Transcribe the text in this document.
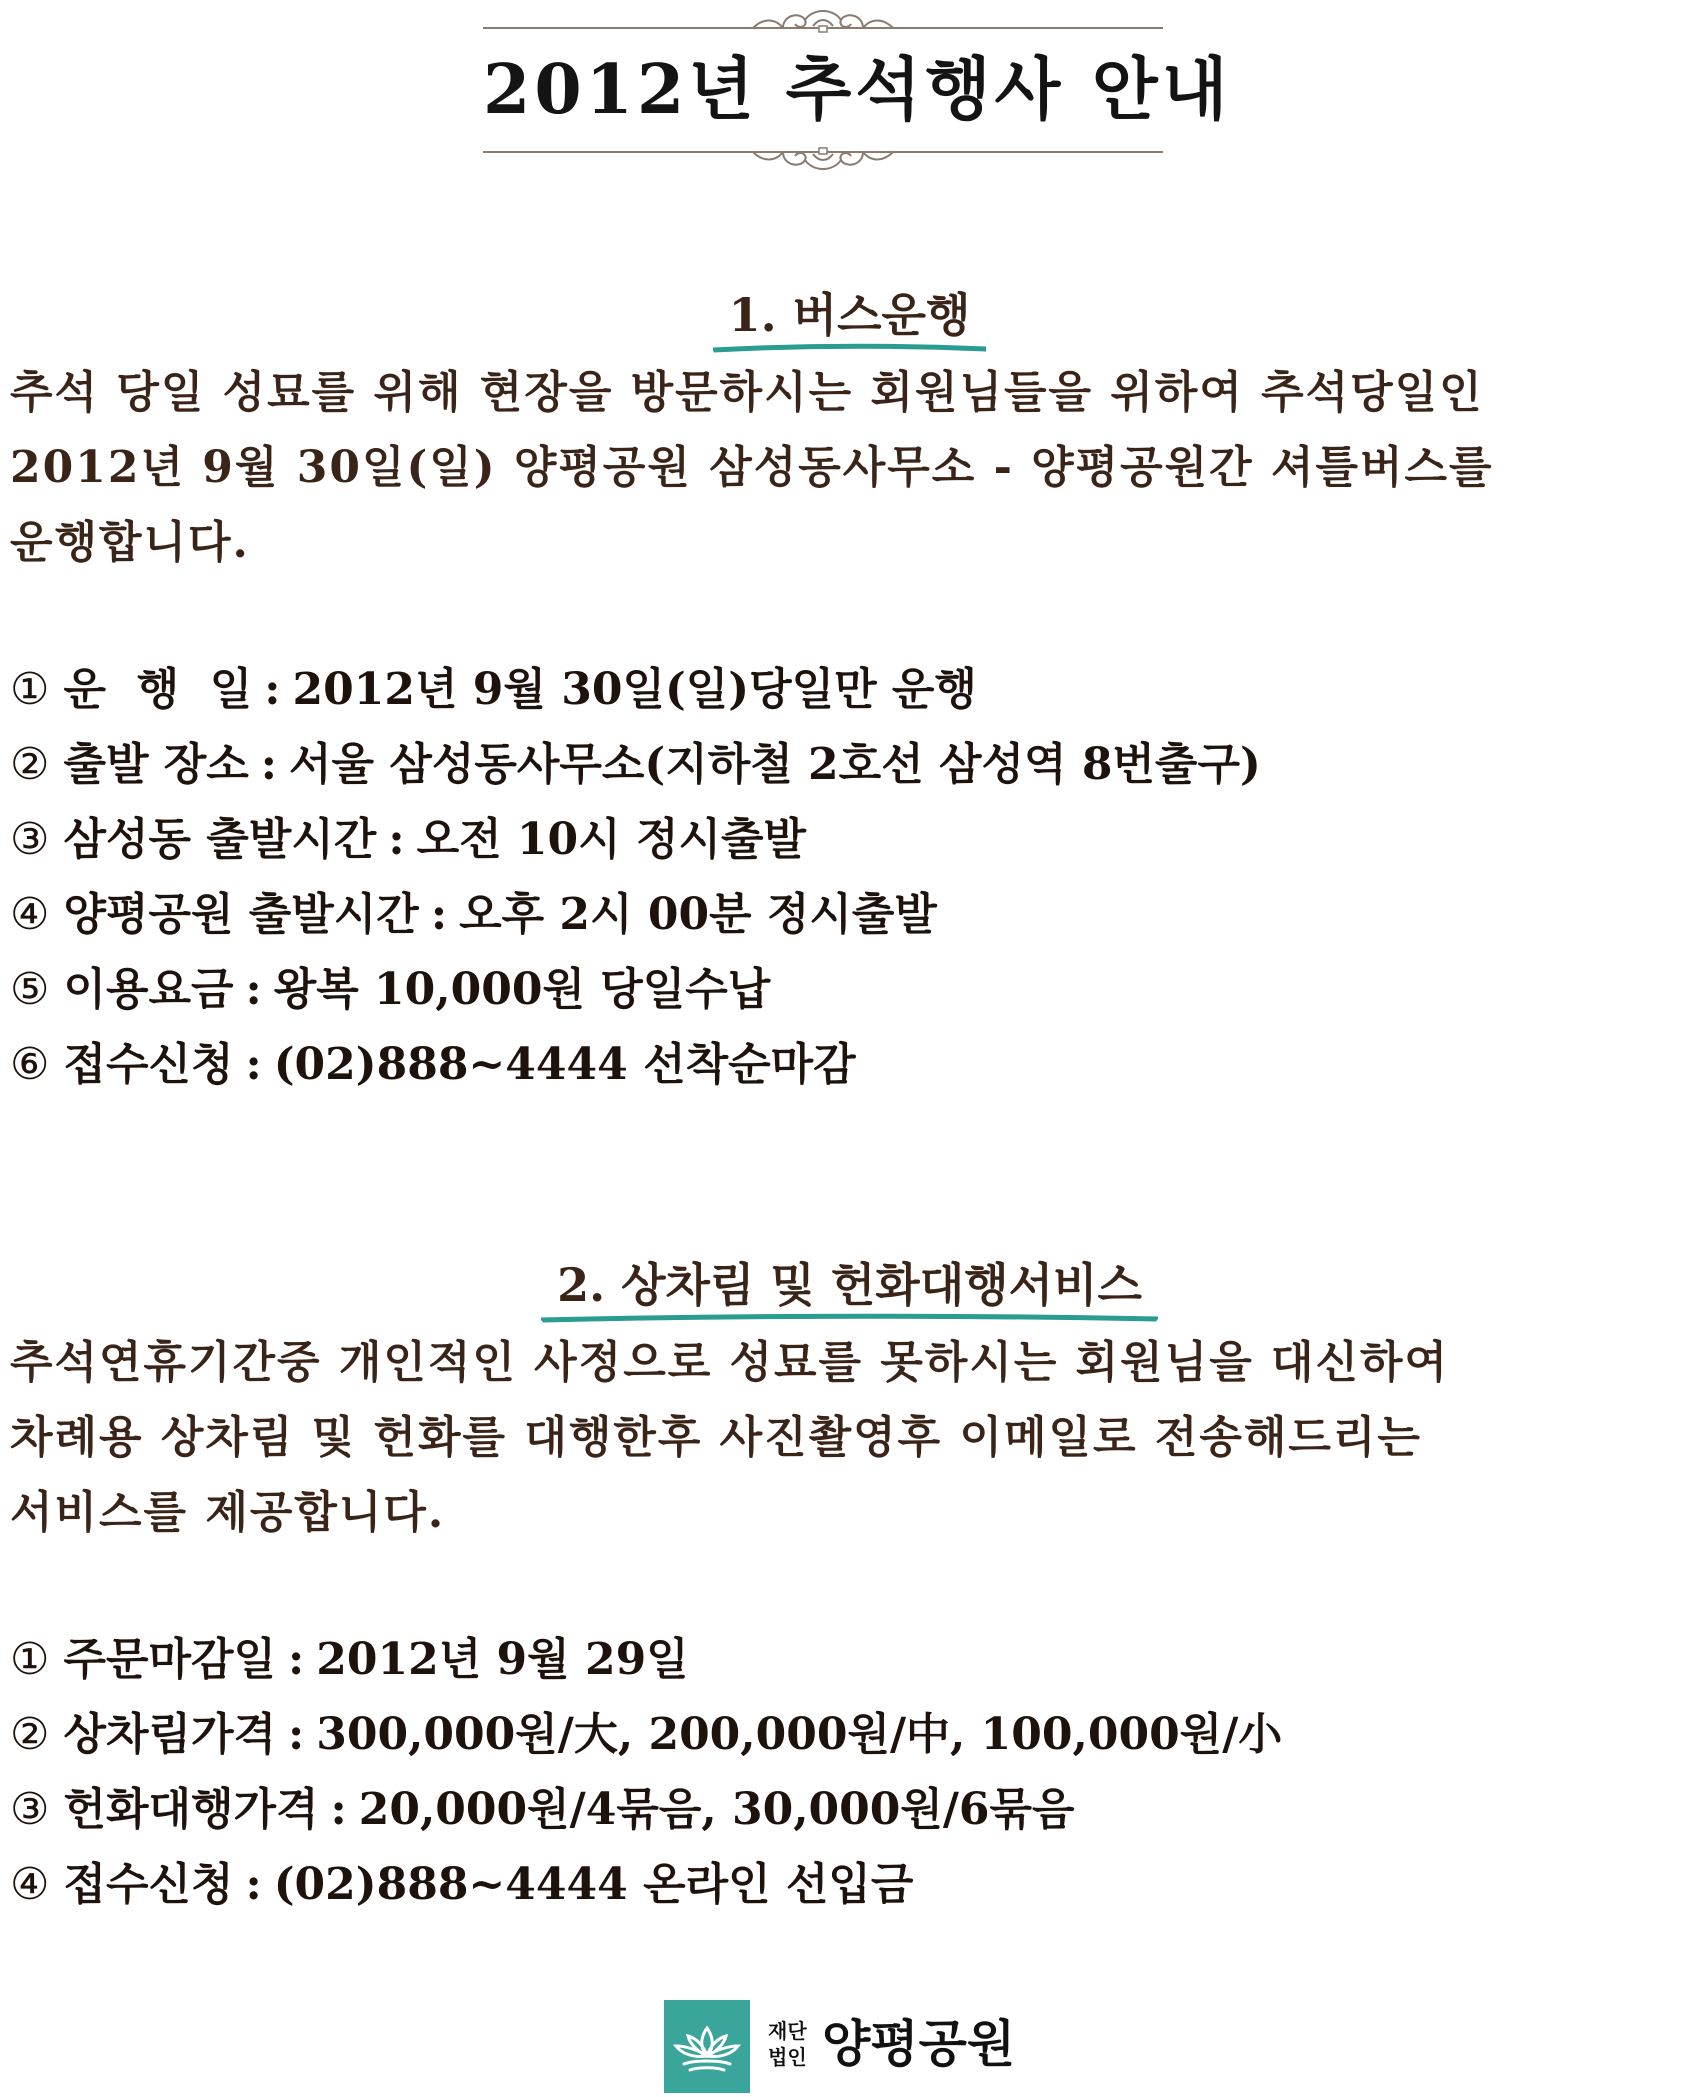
2012년 추석행사 안내
1. 버스운행
추석 당일 성묘를 위해 현장을 방문하시는 회원님들을 위하여 추석당일인
2012년 9월 30일(일) 양평공원 삼성동사무소 - 양평공원간 셔틀버스를
운행합니다.
① 운  행  일 : 2012년 9월 30일(일)당일만 운행
② 출발 장소 : 서울 삼성동사무소(지하철 2호선 삼성역 8번출구)
③ 삼성동 출발시간 : 오전 10시 정시출발
④ 양평공원 출발시간 : 오후 2시 00분 정시출발
⑤ 이용요금 : 왕복 10,000원 당일수납
⑥ 접수신청 : (02)888~4444 선착순마감
2. 상차림 및 헌화대행서비스
추석연휴기간중 개인적인 사정으로 성묘를 못하시는 회원님을 대신하여
차례용 상차림 및 헌화를 대행한후 사진촬영후 이메일로 전송해드리는
서비스를 제공합니다.
① 주문마감일 : 2012년 9월 29일
② 상차림가격 : 300,000원/大, 200,000원/中, 100,000원/小
③ 헌화대행가격 : 20,000원/4묶음, 30,000원/6묶음
④ 접수신청 : (02)888~4444 온라인 선입금
재단
법인 양평공원
